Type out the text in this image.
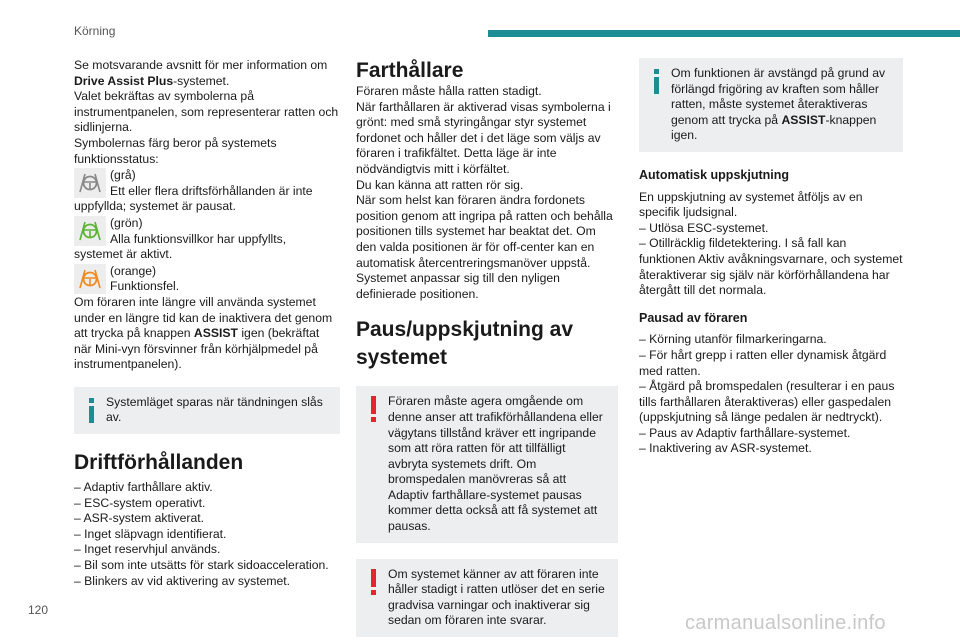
Körning

Se motsvarande avsnitt för mer information om
Drive Assist Plus-systemet.

Valet bekräftas av symbolerna på instrumentpanelen, som representerar ratten och sidlinjerna.

Symbolernas färg beror på systemets funktionsstatus:

(grå)
Ett eller flera driftsförhållanden är inte

uppfyllda; systemet är pausat.

(grön)
Alla funktionsvillkor har uppfyllts,

systemet är aktivt.

(orange)
Funktionsfel.

Om föraren inte längre vill använda systemet under en längre tid kan de inaktivera det genom att trycka på knappen ASSIST igen (bekräftat när Mini-vyn försvinner från körhjälpmedel på instrumentpanelen).

Systemläget sparas när tändningen slås av.

Driftförhållanden
– Adaptiv farthållare aktiv.
– ESC-system operativt.
– ASR-system aktiverat.
– Inget släpvagn identifierat.
– Inget reservhjul används.
– Bil som inte utsätts för stark sidoacceleration.
– Blinkers av vid aktivering av systemet.
Farthållare

Föraren måste hålla ratten stadigt.

När farthållaren är aktiverad visas symbolerna i grönt: med små styringångar styr systemet fordonet och håller det i det läge som väljs av föraren i trafikfältet. Detta läge är inte nödvändigtvis mitt i körfältet.

Du kan känna att ratten rör sig.

När som helst kan föraren ändra fordonets position genom att ingripa på ratten och behålla positionen tills systemet har beaktat det. Om den valda positionen är för off-center kan en automatisk återcentreringsmanöver uppstå. Systemet anpassar sig till den nyligen definierade positionen.

Paus/uppskjutning av systemet

Föraren måste agera omgående om denne anser att trafikförhållandena eller vägytans tillstånd kräver ett ingripande som att röra ratten för att tillfälligt avbryta systemets drift. Om bromspedalen manövreras så att Adaptiv farthållare-systemet pausas kommer detta också att få systemet att pausas.

Om systemet känner av att föraren inte håller stadigt i ratten utlöser det en serie gradvisa varningar och inaktiverar sig sedan om föraren inte svarar.

Om funktionen är avstängd på grund av förlängd frigöring av kraften som håller ratten, måste systemet återaktiveras genom att trycka på ASSIST-knappen igen.

Automatisk uppskjutning

En uppskjutning av systemet åtföljs av en specifik ljudsignal.

– Utlösa ESC-systemet.
– Otillräcklig fildetektering. I så fall kan funktionen Aktiv avåkningsvarnare, och systemet återaktiverar sig själv när körförhållandena har återgått till det normala.
Pausad av föraren
– Körning utanför filmarkeringarna.
– För hårt grepp i ratten eller dynamisk åtgärd med ratten.
– Åtgärd på bromspedalen (resulterar i en paus tills farthållaren återaktiveras) eller gaspedalen (uppskjutning så länge pedalen är nedtryckt).
– Paus av Adaptiv farthållare-systemet.
– Inaktivering av ASR-systemet.
120
carmanualsonline.info
